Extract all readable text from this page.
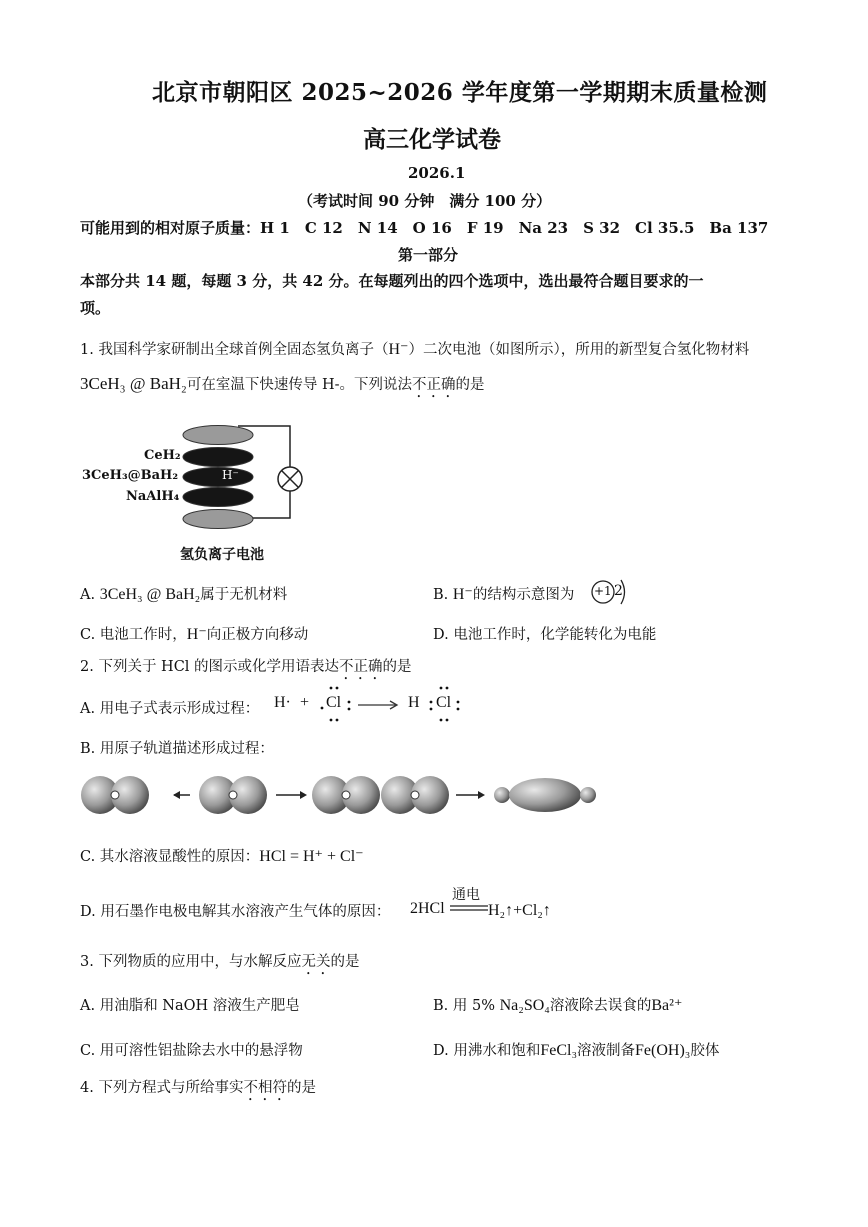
北京市朝阳区 2025~2026 学年度第一学期期末质量检测
高三化学试卷
2026.1
（考试时间 90 分钟　满分 100 分）
可能用到的相对原子质量：H 1　C 12　N 14　O 16　F 19　Na 23　S 32　Cl 35.5　Ba 137
第一部分
本部分共 14 题，每题 3 分，共 42 分。在每题列出的四个选项中，选出最符合题目要求的一
项。
1. 我国科学家研制出全球首例全固态氢负离子（H⁻）二次电池（如图所示），所用的新型复合氢化物材料
3CeH₃ @ BaH₂可在室温下快速传导 H-。下列说法不正确的是
CeH₂
3CeH₃@BaH₂
NaAlH₄
H⁻
氢负离子电池
A. 3CeH₃ @ BaH₂属于无机材料	B. H⁻的结构示意图为 +1 2
C. 电池工作时，H⁻向正极方向移动	D. 电池工作时，化学能转化为电能
2. 下列关于 HCl 的图示或化学用语表达不正确的是
A. 用电子式表示形成过程： H· + Cl	H Cl
B. 用原子轨道描述形成过程：
C. 其水溶液显酸性的原因：HCl = H⁺ + Cl⁻
D. 用石墨作电极电解其水溶液产生气体的原因： 2HCl
通电
H₂↑+Cl₂↑
3. 下列物质的应用中，与水解反应无关的是
A. 用油脂和 NaOH 溶液生产肥皂	B. 用 5% Na₂SO₄溶液除去误食的Ba²⁺
C. 用可溶性铝盐除去水中的悬浮物	D. 用沸水和饱和FeCl₃溶液制备Fe(OH)₃胶体
4. 下列方程式与所给事实不相符的是
